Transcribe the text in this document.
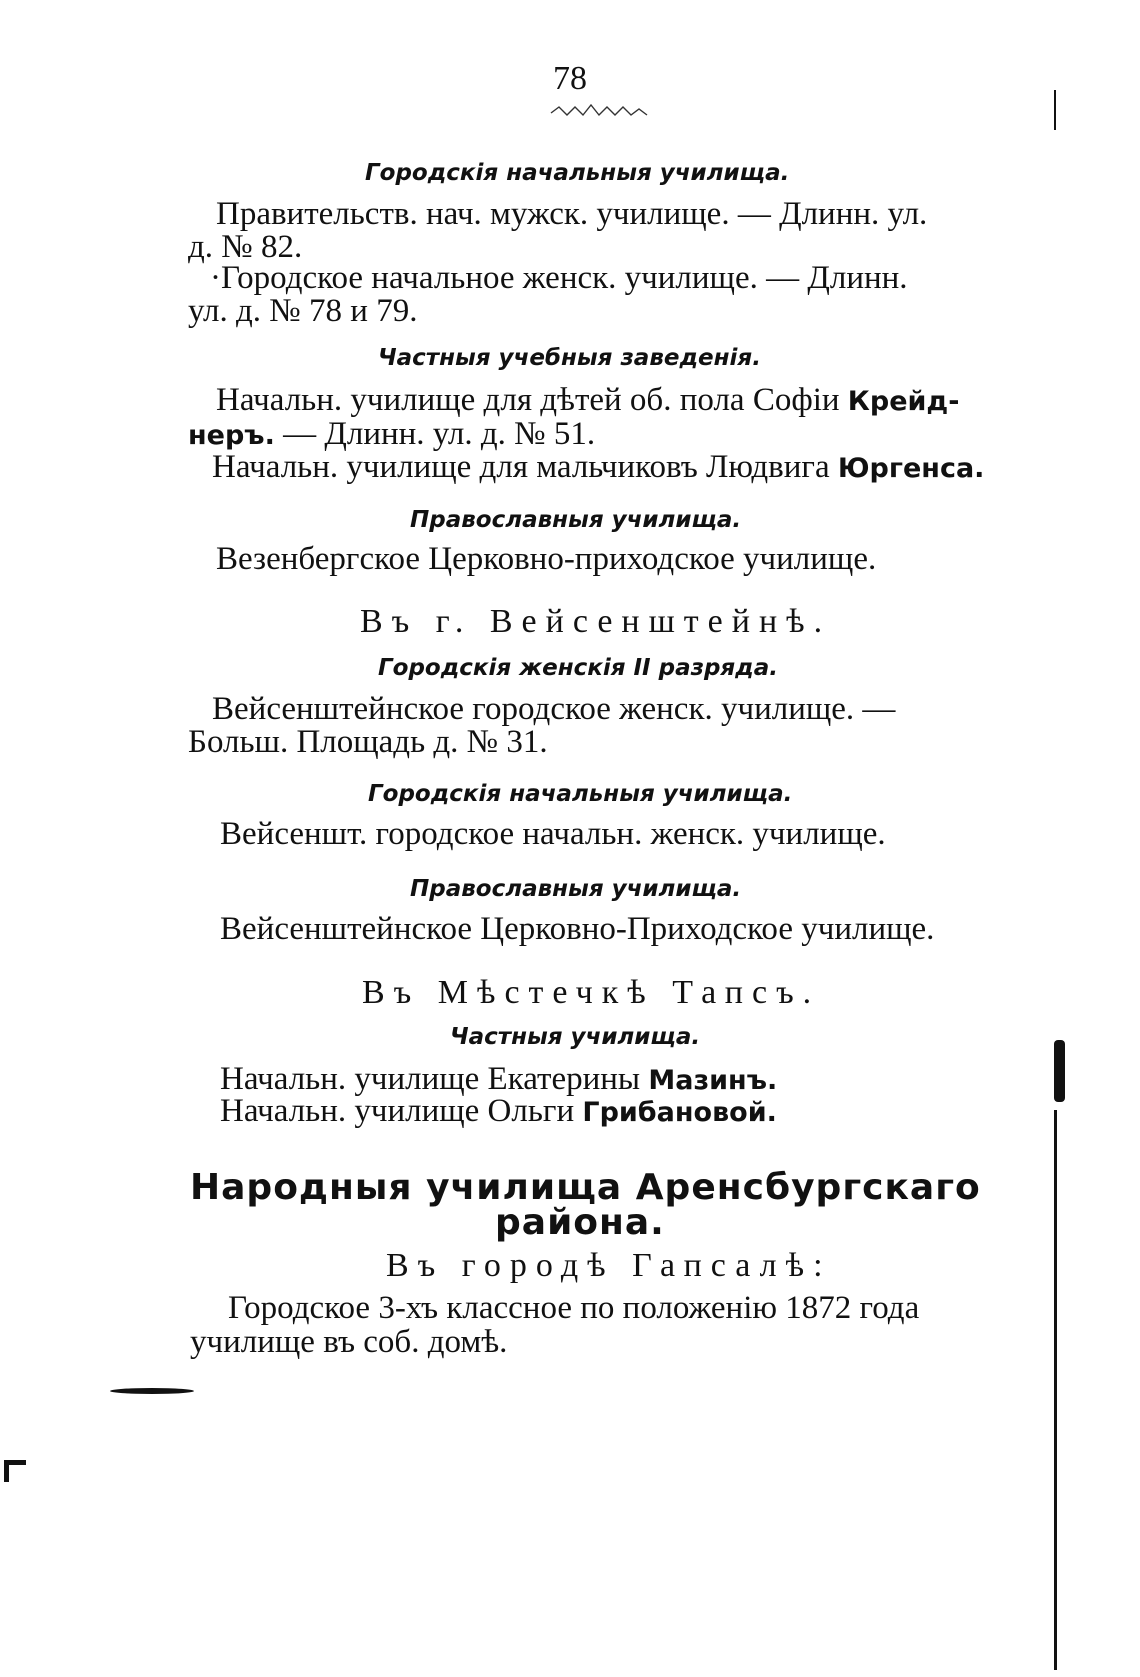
78
Городскія начальныя училища.
Правительств. нач. мужск. училище. — Длинн. ул.
д. № 82.
·Городское начальное женск. училище. — Длинн.
ул. д. № 78 и 79.
Частныя учебныя заведенія.
Начальн. училище для дѣтей об. пола Софіи Крейд-
неръ. — Длинн. ул. д. № 51.
Начальн. училище для мальчиковъ Людвига Юргенса.
Православныя училища.
Везенбергское Церковно-приходское училище.
Въ г. Вейсенштейнѣ.
Городскія женскія II разряда.
Вейсенштейнское городское женск. училище. —
Больш. Площадь д. № 31.
Городскія начальныя училища.
Вейсеншт. городское начальн. женск. училище.
Православныя училища.
Вейсенштейнское Церковно-Приходское училище.
Въ Мѣстечкѣ Тапсъ.
Частныя училища.
Начальн. училище Екатерины Мазинъ.
Начальн. училище Ольги Грибановой.
Народныя училища Аренсбургскаго
района.
Въ городѣ Гапсалѣ:
Городское 3-хъ классное по положенію 1872 года
училище въ соб. домѣ.
